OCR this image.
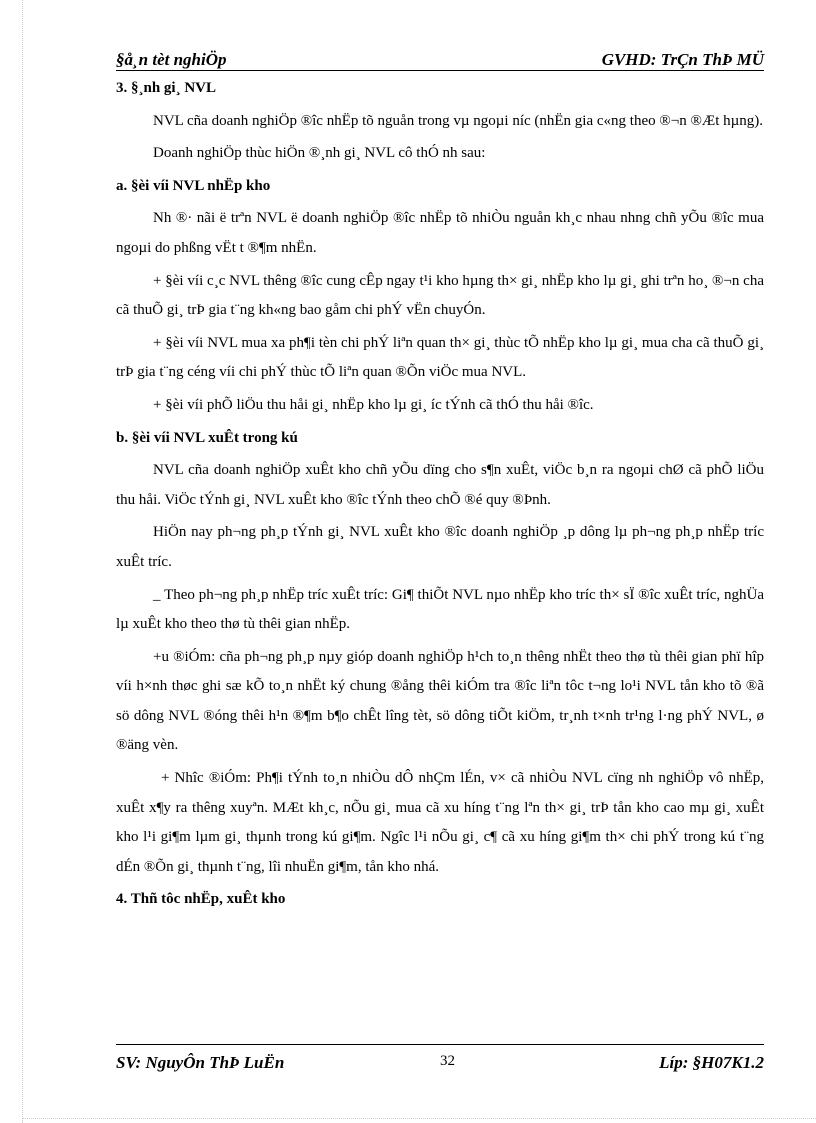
§å¸n tèt nghiÖp	GVHD: TrÇn ThÞ MÜ

3. §¸nh gi¸ NVL

NVL cña doanh nghiÖp ®îc nhËp tõ nguån trong vµ ngoµi níc (nhËn gia c«ng theo ®¬n ®Æt hµng).

Doanh nghiÖp thùc hiÖn ®¸nh gi¸ NVL cô thÓ nh sau:

a. §èi víi NVL nhËp kho

Nh ®· nãi ë trªn NVL ë doanh nghiÖp ®îc nhËp tõ nhiÒu nguån kh¸c nhau nhng chñ yÕu ®îc mua ngoµi do phßng vËt t ®¶m nhËn.

+ §èi víi c¸c NVL thêng ®îc cung cÊp ngay t¹i kho hµng th× gi¸ nhËp kho lµ gi¸ ghi trªn ho¸ ®¬n cha cã thuÕ gi¸ trÞ gia t¨ng kh«ng bao gåm chi phÝ vËn chuyÓn.

+ §èi víi NVL mua xa ph¶i tèn chi phÝ liªn quan th× gi¸ thùc tÕ nhËp kho lµ gi¸ mua cha cã thuÕ gi¸ trÞ gia t¨ng céng víi chi phÝ thùc tÕ liªn quan ®Õn viÖc mua NVL.

+ §èi víi phÕ liÖu thu håi gi¸ nhËp kho lµ gi¸ íc tÝnh cã thÓ thu håi ®îc.

b. §èi víi NVL xuÊt trong kú

NVL cña doanh nghiÖp xuÊt kho chñ yÕu dïng cho s¶n xuÊt, viÖc b¸n ra ngoµi chØ cã phÕ liÖu thu håi. ViÖc tÝnh gi¸ NVL xuÊt kho ®îc tÝnh theo chÕ ®é quy ®Þnh.

HiÖn nay ph¬ng ph¸p tÝnh gi¸ NVL xuÊt kho ®îc doanh nghiÖp ¸p dông lµ ph¬ng ph¸p nhËp tríc xuÊt tríc.

_ Theo ph¬ng ph¸p nhËp tríc xuÊt tríc: Gi¶ thiÕt NVL nµo nhËp kho tríc th× sÏ ®îc xuÊt tríc, nghÜa lµ xuÊt kho theo thø tù thêi gian nhËp.

+u ®iÓm: cña ph¬ng ph¸p nµy gióp doanh nghiÖp h¹ch to¸n thêng nhËt theo thø tù thêi gian phï hîp víi h×nh thøc ghi sæ kÕ to¸n nhËt ký chung ®ång thêi kiÓm tra ®îc liªn tôc t¬ng lo¹i NVL tån kho tõ ®ã sö dông NVL ®óng thêi h¹n ®¶m b¶o chÊt lîng tèt, sö dông tiÕt kiÖm, tr¸nh t×nh tr¹ng l·ng phÝ NVL, ø ®äng vèn.

+ Nhîc ®iÓm: Ph¶i tÝnh to¸n nhiÒu dÔ nhÇm lÉn, v× cã nhiÒu NVL cïng nh nghiÖp vô nhËp, xuÊt x¶y ra thêng xuyªn. MÆt kh¸c, nÕu gi¸ mua cã xu híng t¨ng lªn th× gi¸ trÞ tån kho cao mµ gi¸ xuÊt kho l¹i gi¶m lµm gi¸ thµnh trong kú gi¶m. Ngîc l¹i nÕu gi¸ c¶ cã xu híng gi¶m th× chi phÝ trong kú t¨ng dÉn ®Õn gi¸ thµnh t¨ng, lîi nhuËn gi¶m, tån kho nhá.

4. Thñ tôc nhËp, xuÊt kho

SV: NguyÔn ThÞ LuËn	32	Líp: §H07K1.2
